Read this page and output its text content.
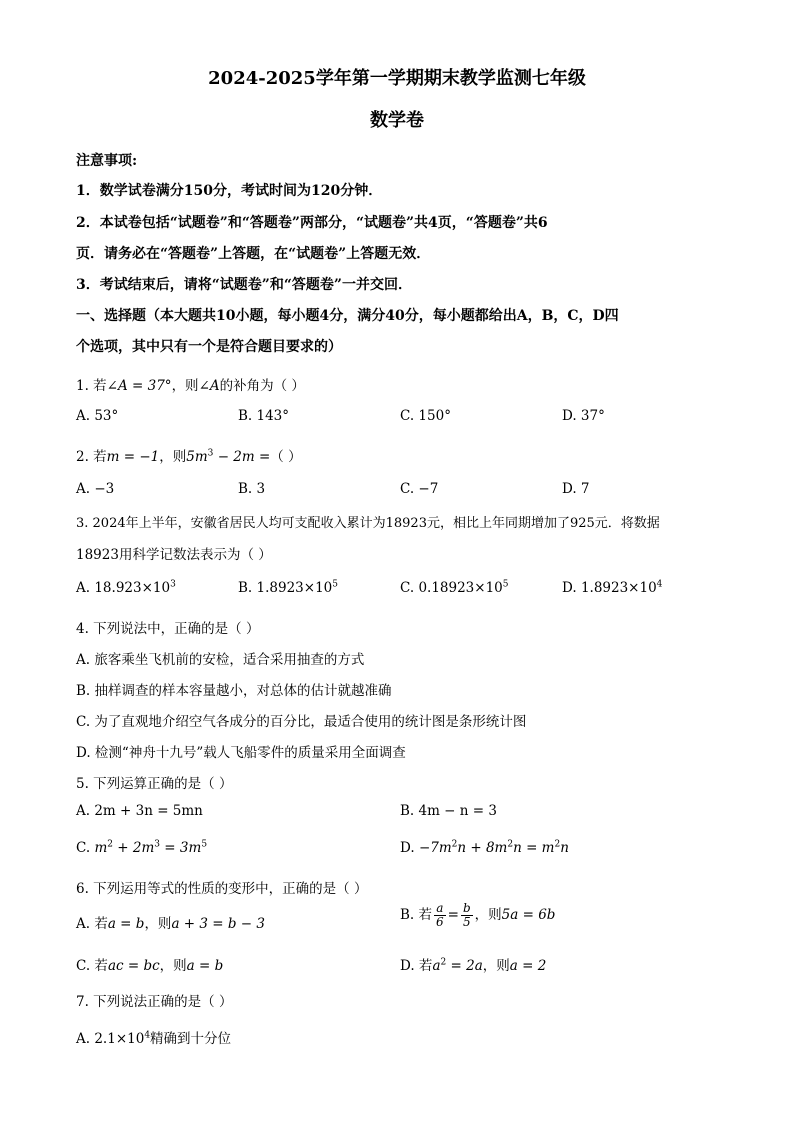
2024-2025学年第一学期期末教学监测七年级
数学卷
注意事项:
1．数学试卷满分150分，考试时间为120分钟．
2．本试卷包括“试题卷”和“答题卷”两部分，“试题卷”共4页，“答题卷”共6
页．请务必在“答题卷”上答题，在“试题卷”上答题无效．
3．考试结束后，请将“试题卷”和“答题卷”一并交回．
一、选择题（本大题共10小题，每小题4分，满分40分，每小题都给出A，B，C，D四
个选项，其中只有一个是符合题目要求的）
1. 若∠A = 37°，则∠A的补角为（ ）
A. 53°	B. 143°	C. 150°	D. 37°
2. 若m = −1，则$5m^3 - 2m$ =（ ）
A. −3	B. 3	C. −7	D. 7
3. 2024年上半年，安徽省居民人均可支配收入累计为18923元，相比上年同期增加了925元．将数据
18923用科学记数法表示为（ ）
A. $18.923\times 10^3$	B. $1.8923\times 10^5$	C. $0.18923\times 10^5$	D. $1.8923\times 10^4$
4. 下列说法中，正确的是（ ）
A. 旅客乘坐飞机前的安检，适合采用抽查的方式
B. 抽样调查的样本容量越小，对总体的估计就越准确
C. 为了直观地介绍空气各成分的百分比，最适合使用的统计图是条形统计图
D. 检测“神舟十九号”载人飞船零件的质量采用全面调查
5. 下列运算正确的是（ ）
A. 2m + 3n = 5mn	B. 4m − n = 3
C. $m^2 + 2m^3 = 3m^5$	D. $-7m^2n + 8m^2n = m^2n$
6. 下列运用等式的性质的变形中，正确的是（ ）
A. 若a = b，则a + 3 = b − 3
B. 若 $\frac{a}{6} = \frac{b}{5}$ ，则5a = 6b
C. 若ac = bc，则a = b	D. 若$a^2 = 2a$，则a = 2
7. 下列说法正确的是（ ）
A. $2.1\times 10^4$精确到十分位
